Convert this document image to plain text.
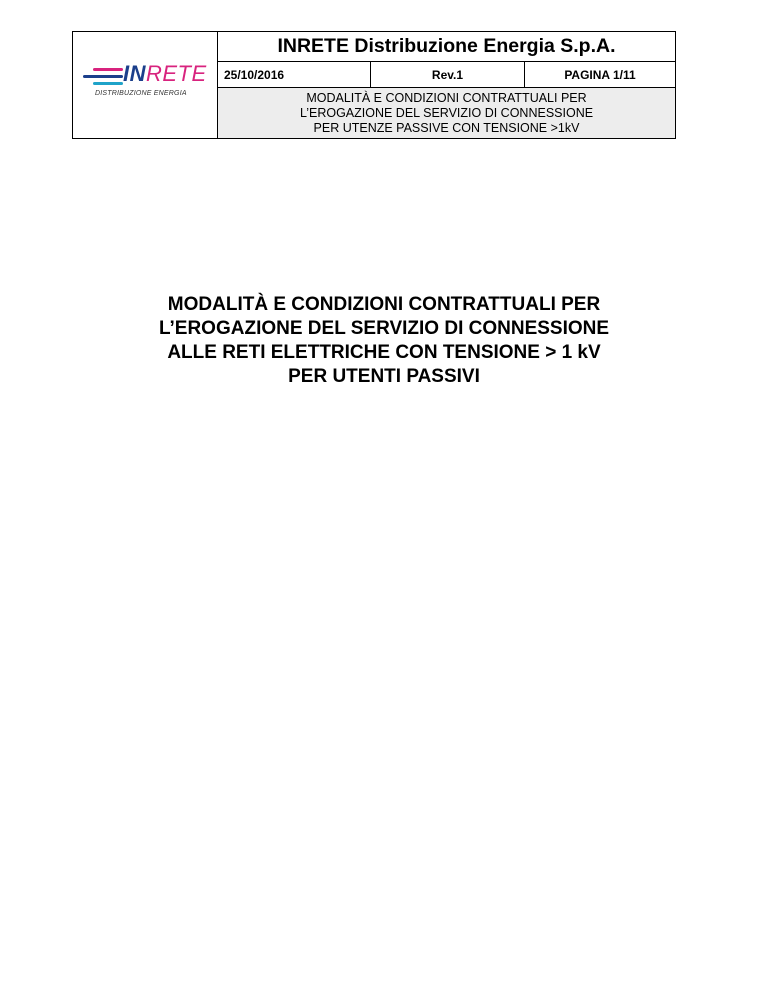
INRETE
DISTRIBUZIONE ENERGIA	INRETE Distribuzione Energia S.p.A.		
	25/10/2016	Rev.1	PAGINA 1/11

	MODALITÀ E CONDIZIONI CONTRATTUALI PER
L’EROGAZIONE DEL SERVIZIO DI CONNESSIONE
PER UTENZE PASSIVE CON TENSIONE >1kV		
MODALITÀ E CONDIZIONI CONTRATTUALI PER
L’EROGAZIONE DEL SERVIZIO DI CONNESSIONE
ALLE RETI ELETTRICHE CON TENSIONE > 1 kV
PER UTENTI PASSIVI
